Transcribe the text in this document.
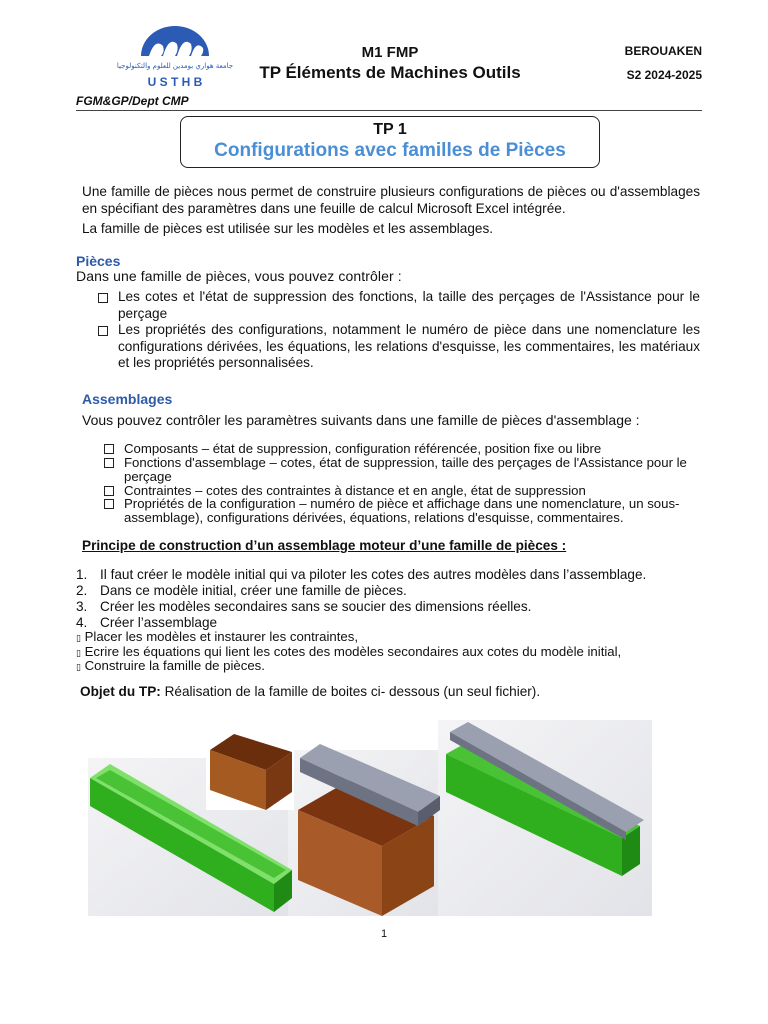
جامعة هواري بومدين للعلوم والتكنولوجيا
U S T H B
FGM&GP/Dept CMP
M1 FMP
TP Éléments de Machines Outils
BEROUAKEN
S2 2024-2025
TP 1
Configurations avec familles de Pièces

Une famille de pièces nous permet de construire plusieurs configurations de pièces ou d'assemblages en spécifiant des paramètres dans une feuille de calcul Microsoft Excel intégrée.

La famille de pièces est utilisée sur les modèles et les assemblages.

Pièces
Dans une famille de pièces, vous pouvez contrôler :
Les cotes et l'état de suppression des fonctions, la taille des perçages de l'Assistance pour le perçage
Les propriétés des configurations, notamment le numéro de pièce dans une nomenclature les configurations dérivées, les équations, les relations d'esquisse, les commentaires, les matériaux et les propriétés personnalisées.
Assemblages
Vous pouvez contrôler les paramètres suivants dans une famille de pièces d'assemblage :
Composants – état de suppression, configuration référencée, position fixe ou libre
Fonctions d'assemblage – cotes, état de suppression, taille des perçages de l'Assistance pour le perçage
Contraintes – cotes des contraintes à distance et en angle, état de suppression
Propriétés de la configuration – numéro de pièce et affichage dans une nomenclature, un sous-assemblage), configurations dérivées, équations, relations d'esquisse, commentaires.
Principe de construction d’un assemblage moteur d’une famille de pièces :
1. Il faut créer le modèle initial qui va piloter les cotes des autres modèles dans l’assemblage.
2. Dans ce modèle initial, créer une famille de pièces.
3. Créer les modèles secondaires sans se soucier des dimensions réelles.
4. Créer l’assemblage
▯ Placer les modèles et instaurer les contraintes,
▯ Ecrire les équations qui lient les cotes des modèles secondaires aux cotes du modèle initial,
▯ Construire la famille de pièces.
Objet du TP: Réalisation de la famille de boites ci- dessous (un seul fichier).
1
